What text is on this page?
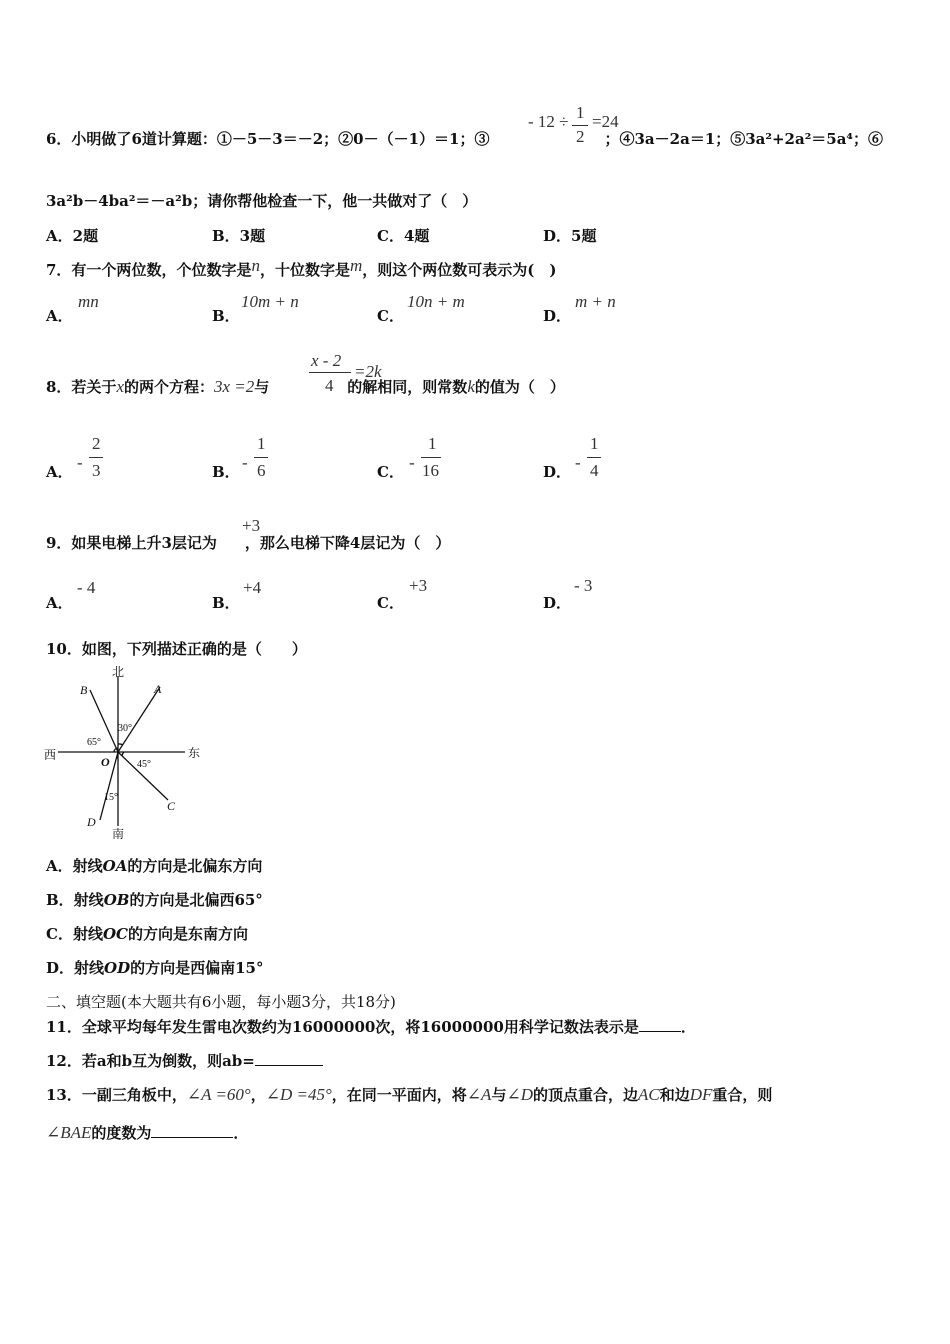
6．小明做了6道计算题：①－5－3＝－2；②0－（－1）＝1；③	；④3a－2a＝1；⑤3a²+2a²＝5a⁴；⑥
- 12 ÷ 1
2
=24
3a²b－4ba²＝－a²b；请你帮他检查一下，他一共做对了（　）
A．2题	B．3题	C．4题	D．5题
7．有一个两位数，个位数字是n，十位数字是m，则这个两位数可表示为(　)
A．
mn
B．
10m + n
C．
10n + m
D．
m + n
8．若关于x的两个方程：3x =2与	的解相同，则常数k的值为（　）
x - 2
4
=2k
A． -
2
3	B． -
1
6	C． -
1
16	D． -
1
4
9．如果电梯上升3层记为 ，那么电梯下降4层记为（　）
+3
A．
- 4
B．
+4
C．
+3
D．
- 3
10．如图，下列描述正确的是（　　）
北
南
东
西
A
B
C
D
O
30°
65°
45°
15°
A．射线OA的方向是北偏东方向
B．射线OB的方向是北偏西65°
C．射线OC的方向是东南方向
D．射线OD的方向是西偏南15°
二、填空题(本大题共有6小题，每小题3分，共18分)
11．全球平均每年发生雷电次数约为16000000次，将16000000用科学记数法表示是	．
12．若a和b互为倒数，则ab=
13．一副三角板中，∠A =60°，∠D =45°，在同一平面内，将∠A与∠D的顶点重合，边AC和边DF重合，则
∠BAE的度数为	．
